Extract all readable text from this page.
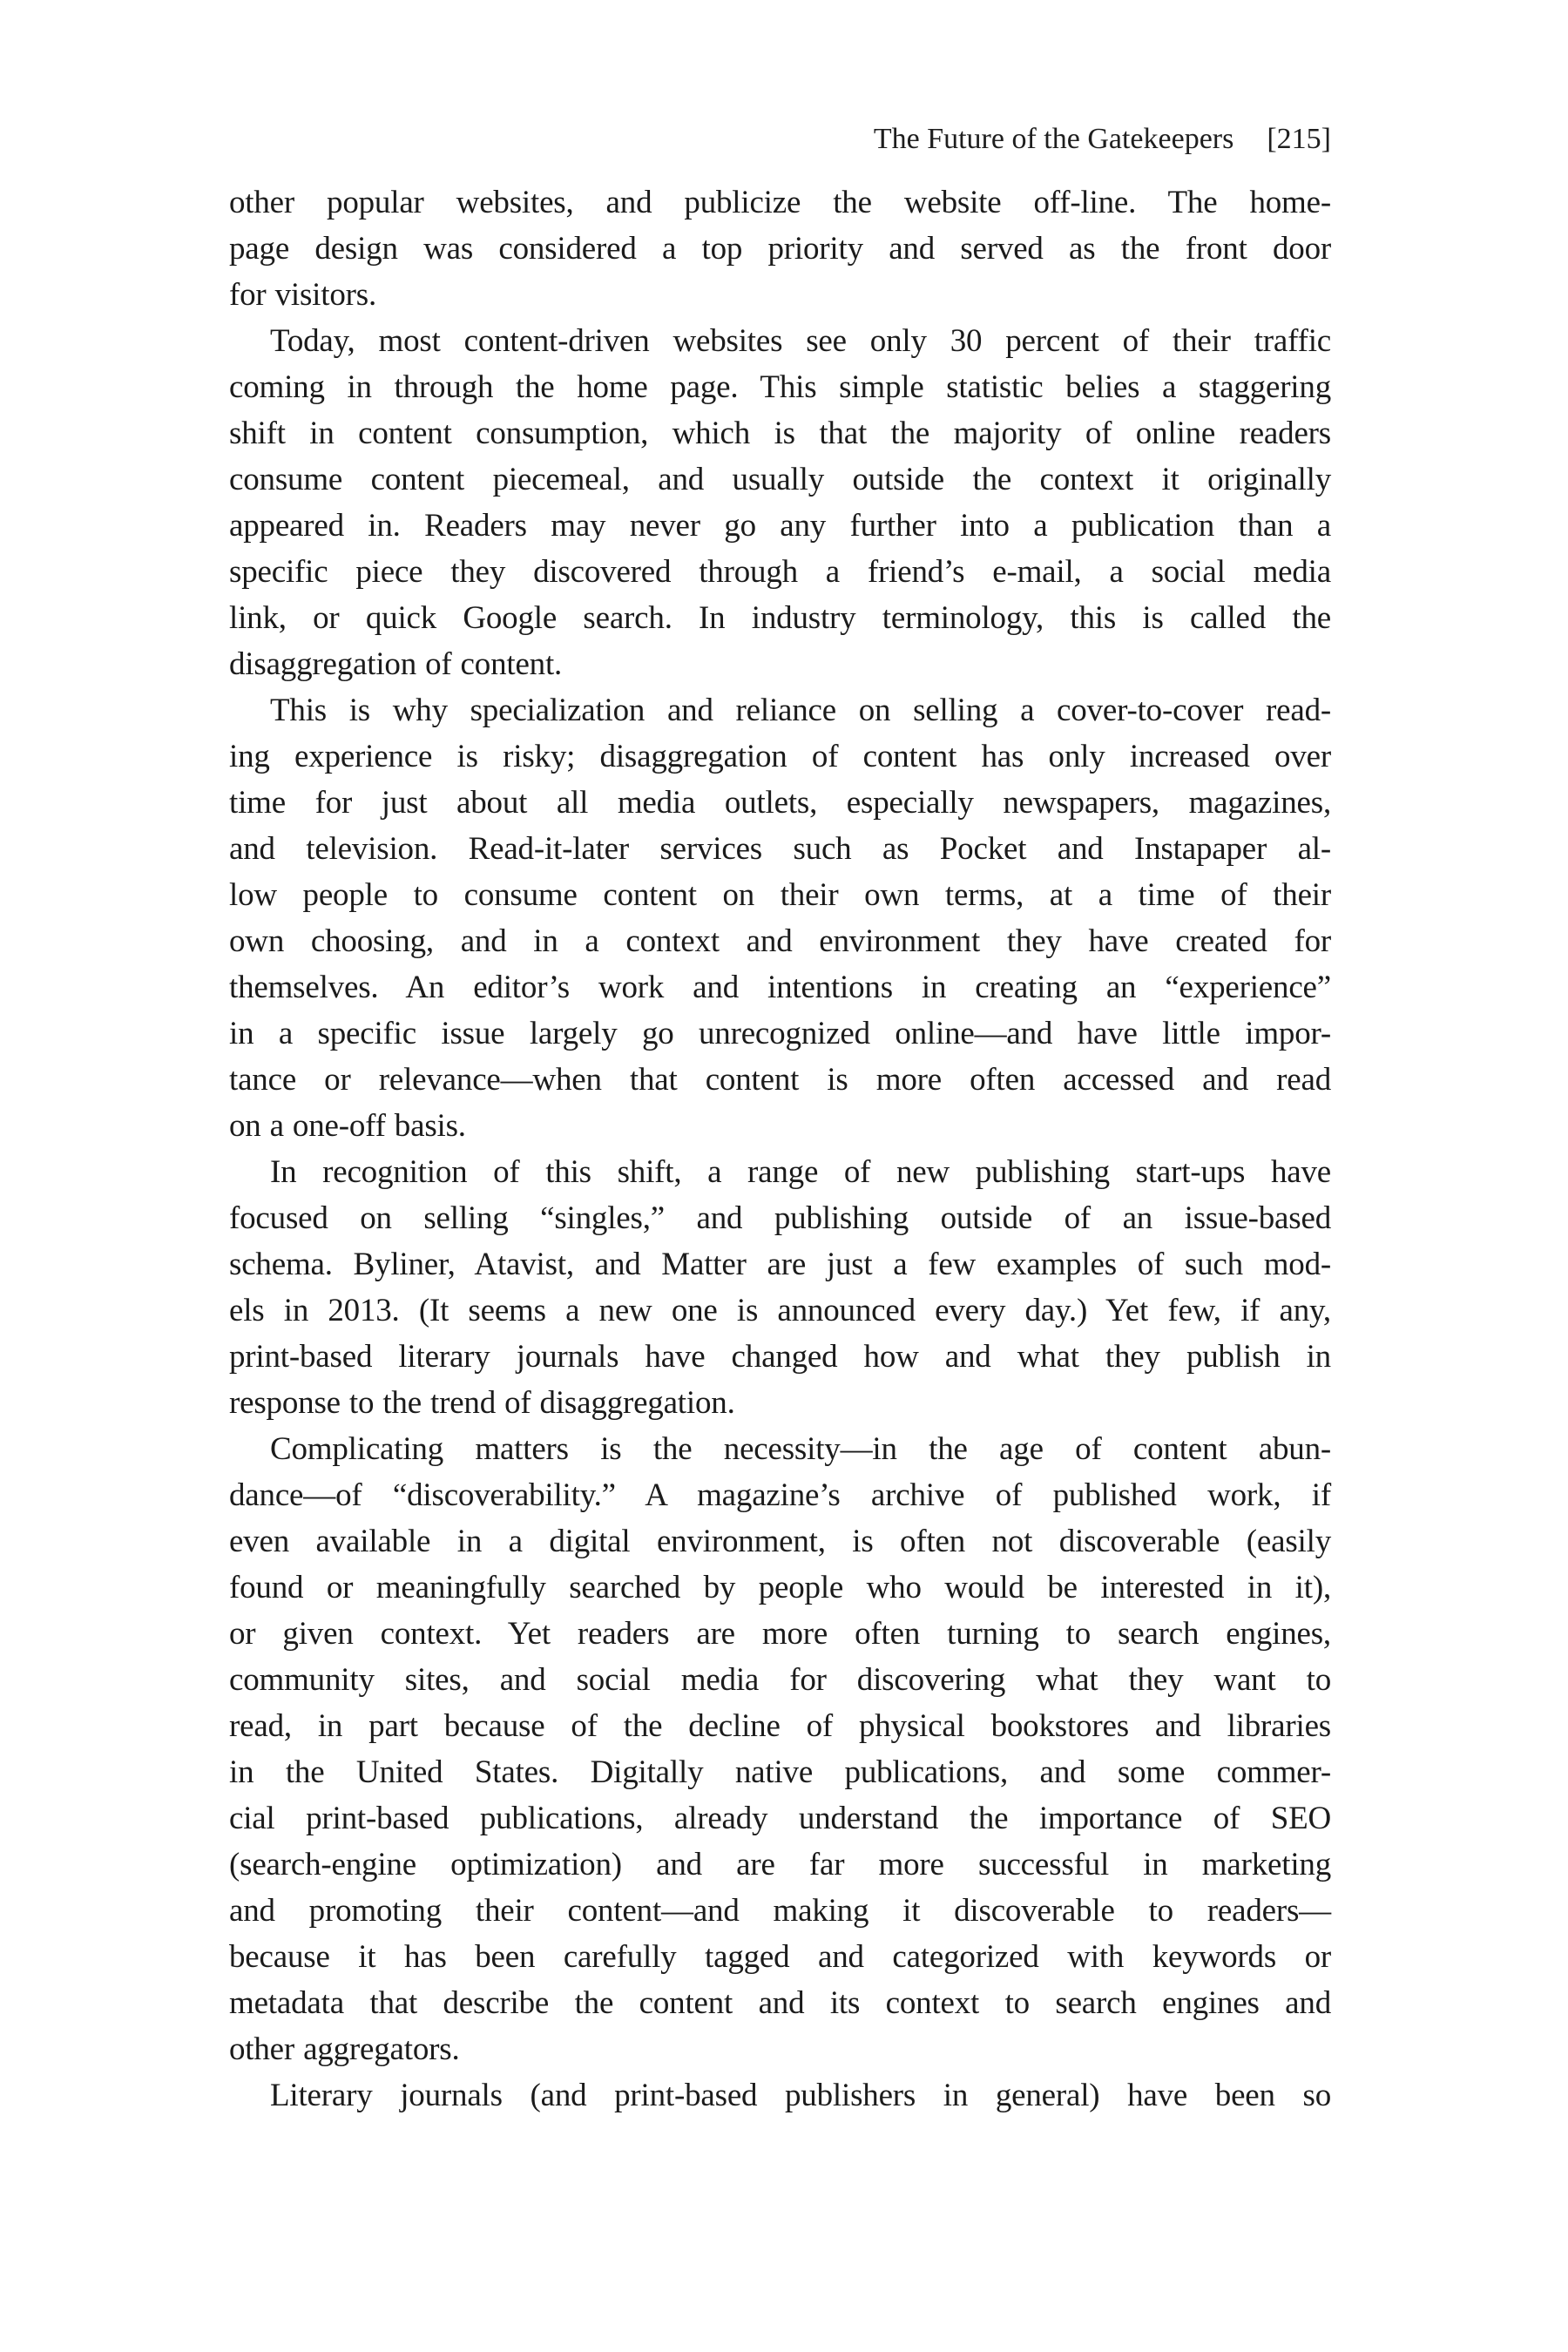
The Future of the Gatekeepers [215]
other popular websites, and publicize the website off-line. The home-
page design was considered a top priority and served as the front door
for visitors.
Today, most content-driven websites see only 30 percent of their traffic
coming in through the home page. This simple statistic belies a staggering
shift in content consumption, which is that the majority of online readers
consume content piecemeal, and usually outside the context it originally
appeared in. Readers may never go any further into a publication than a
specific piece they discovered through a friend’s e-mail, a social media
link, or quick Google search. In industry terminology, this is called the
disaggregation of content.
This is why specialization and reliance on selling a cover-to-cover read-
ing experience is risky; disaggregation of content has only increased over
time for just about all media outlets, especially newspapers, magazines,
and television. Read-it-later services such as Pocket and Instapaper al-
low people to consume content on their own terms, at a time of their
own choosing, and in a context and environment they have created for
themselves. An editor’s work and intentions in creating an “experience”
in a specific issue largely go unrecognized online—and have little impor-
tance or relevance—when that content is more often accessed and read
on a one-off basis.
In recognition of this shift, a range of new publishing start-ups have
focused on selling “singles,” and publishing outside of an issue-based
schema. Byliner, Atavist, and Matter are just a few examples of such mod-
els in 2013. (It seems a new one is announced every day.) Yet few, if any,
print-based literary journals have changed how and what they publish in
response to the trend of disaggregation.
Complicating matters is the necessity—in the age of content abun-
dance—of “discoverability.” A magazine’s archive of published work, if
even available in a digital environment, is often not discoverable (easily
found or meaningfully searched by people who would be interested in it),
or given context. Yet readers are more often turning to search engines,
community sites, and social media for discovering what they want to
read, in part because of the decline of physical bookstores and libraries
in the United States. Digitally native publications, and some commer-
cial print-based publications, already understand the importance of SEO
(search-engine optimization) and are far more successful in marketing
and promoting their content—and making it discoverable to readers—
because it has been carefully tagged and categorized with keywords or
metadata that describe the content and its context to search engines and
other aggregators.
Literary journals (and print-based publishers in general) have been so
